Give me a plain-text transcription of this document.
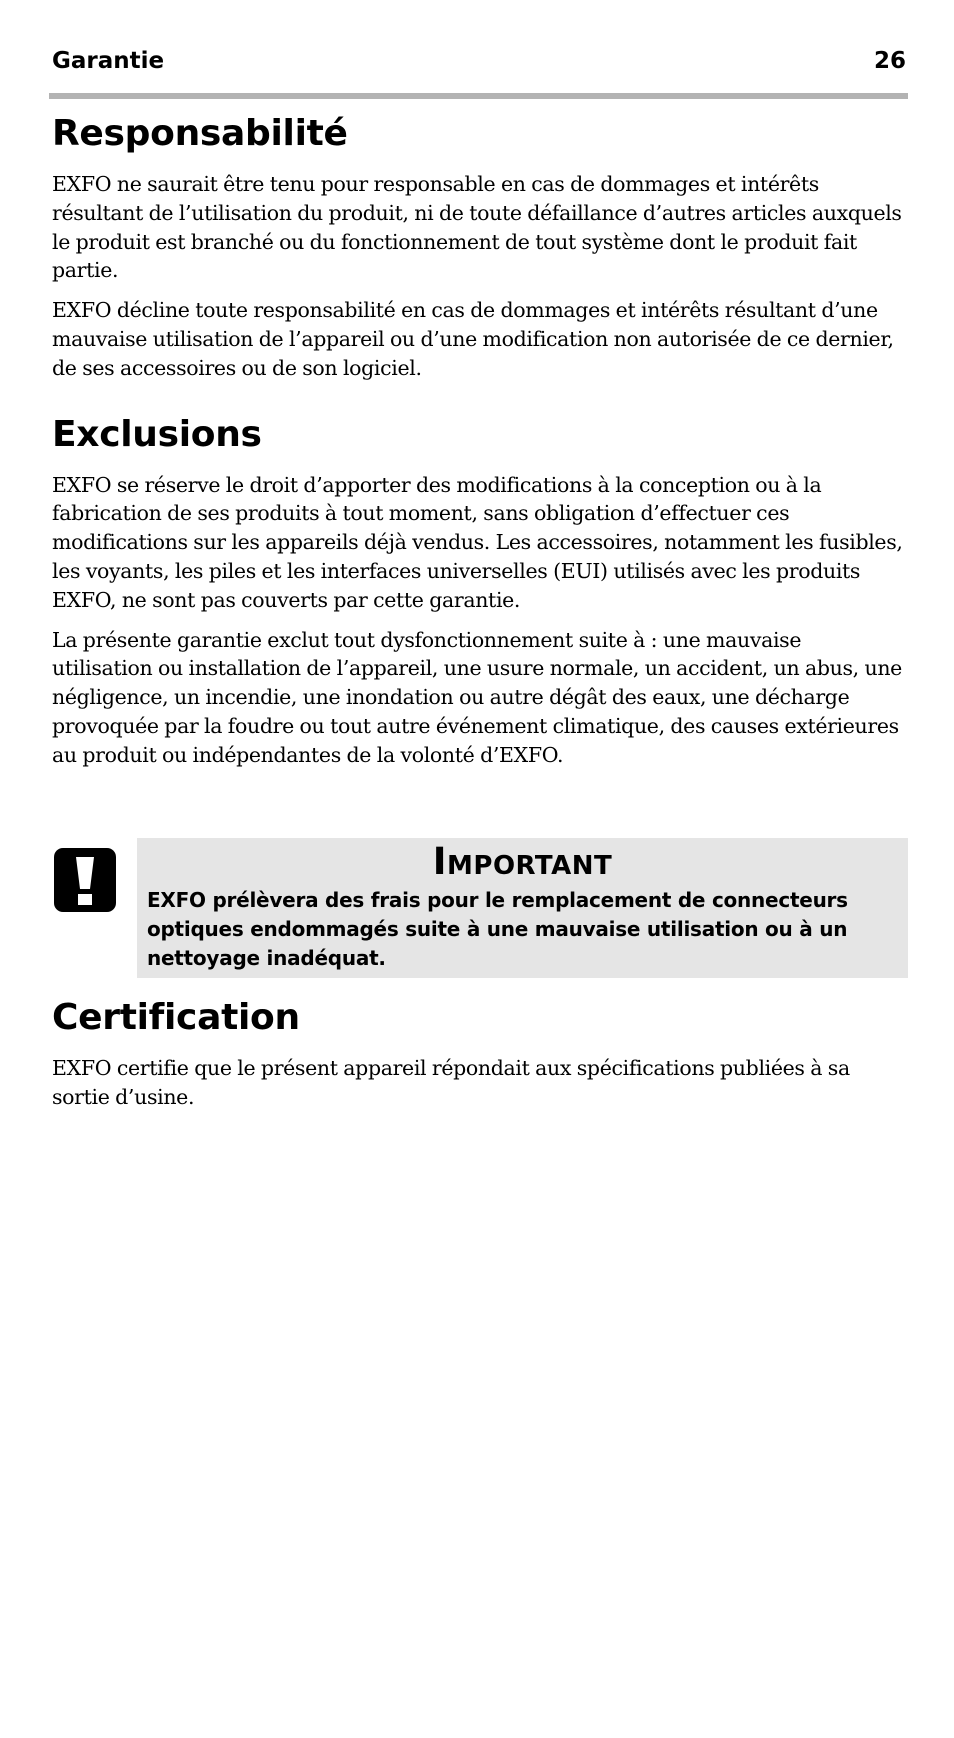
Garantie	26
Responsabilité

EXFO ne saurait être tenu pour responsable en cas de dommages et intérêts résultant de l’utilisation du produit, ni de toute défaillance d’autres articles auxquels le produit est branché ou du fonctionnement de tout système dont le produit fait partie.

EXFO décline toute responsabilité en cas de dommages et intérêts résultant d’une mauvaise utilisation de l’appareil ou d’une modification non autorisée de ce dernier, de ses accessoires ou de son logiciel.

Exclusions

EXFO se réserve le droit d’apporter des modifications à la conception ou à la fabrication de ses produits à tout moment, sans obligation d’effectuer ces modifications sur les appareils déjà vendus. Les accessoires, notamment les fusibles, les voyants, les piles et les interfaces universelles (EUI) utilisés avec les produits EXFO, ne sont pas couverts par cette garantie.

La présente garantie exclut tout dysfonctionnement suite à : une mauvaise utilisation ou installation de l’appareil, une usure normale, un accident, un abus, une négligence, un incendie, une inondation ou autre dégât des eaux, une décharge provoquée par la foudre ou tout autre événement climatique, des causes extérieures au produit ou indépendantes de la volonté d’EXFO.

Important
EXFO prélèvera des frais pour le remplacement de connecteurs optiques endommagés suite à une mauvaise utilisation ou à un nettoyage inadéquat.
Certification

EXFO certifie que le présent appareil répondait aux spécifications publiées à sa sortie d’usine.
